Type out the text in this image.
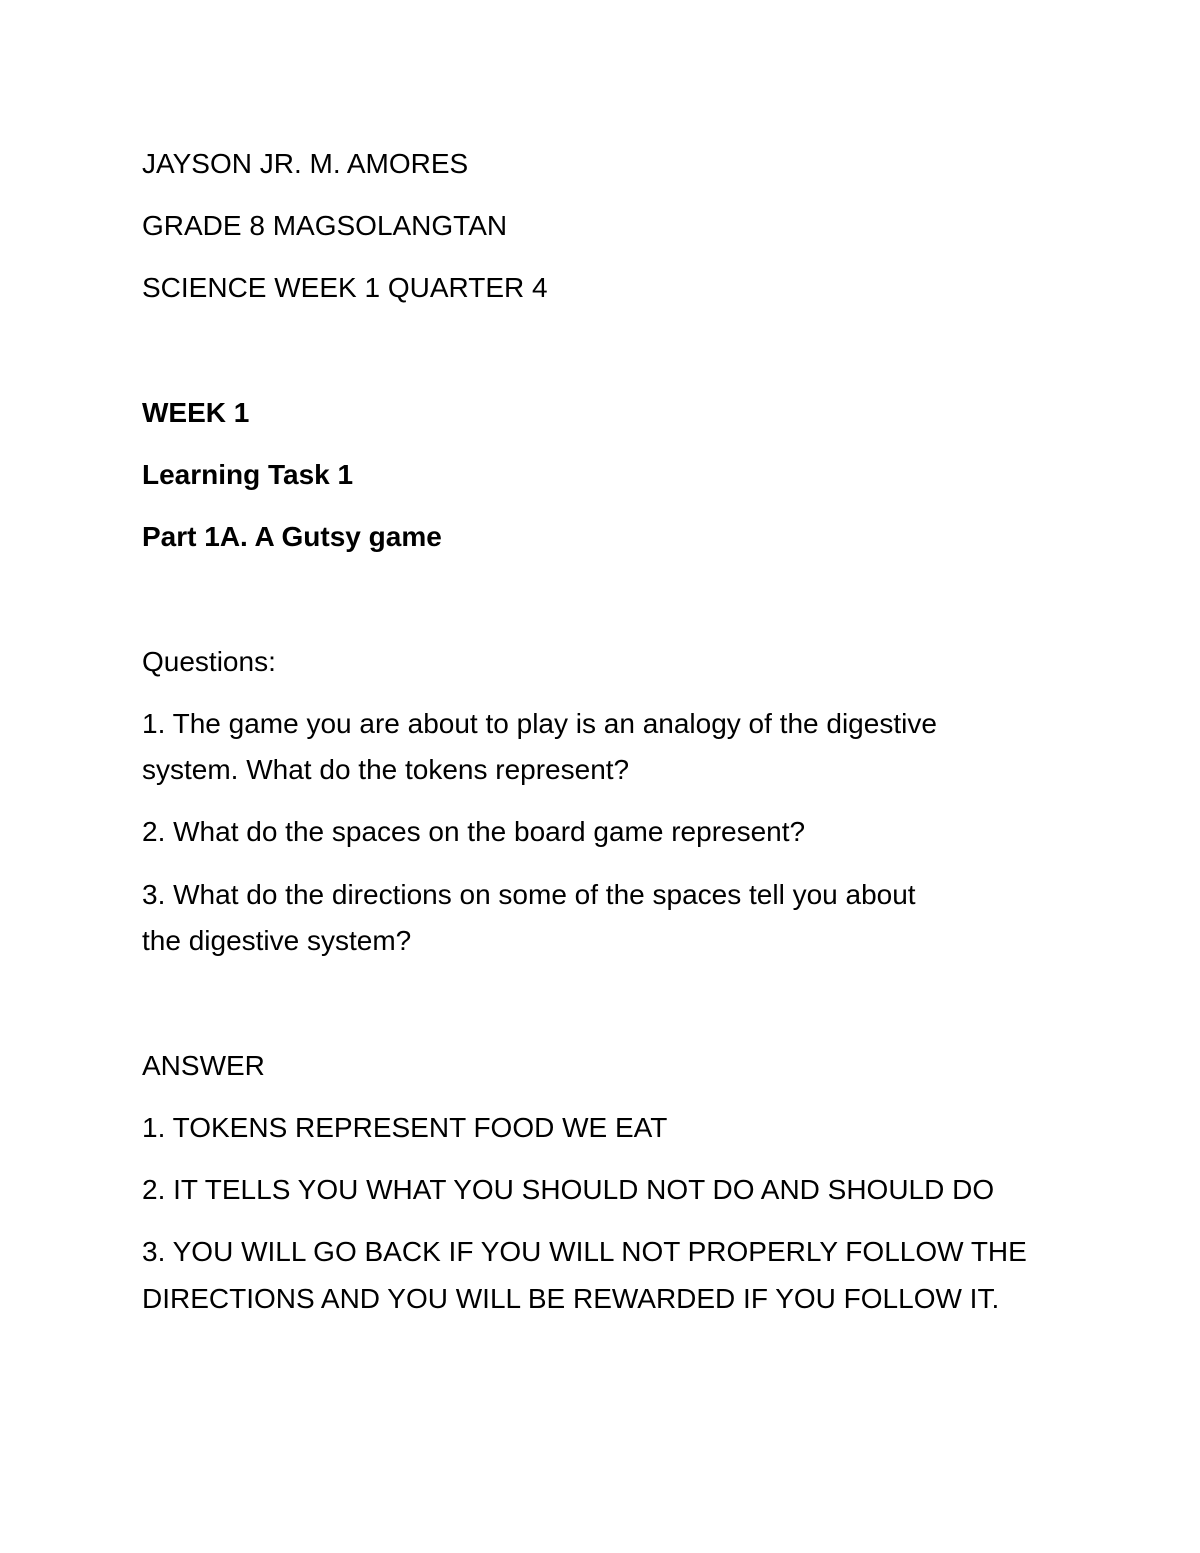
JAYSON JR. M. AMORES
GRADE 8 MAGSOLANGTAN
SCIENCE WEEK 1 QUARTER 4
WEEK 1
Learning Task 1
Part 1A. A Gutsy game
Questions:
1. The game you are about to play is an analogy of the digestive
system. What do the tokens represent?
2. What do the spaces on the board game represent?
3. What do the directions on some of the spaces tell you about
the digestive system?
ANSWER
1. TOKENS REPRESENT FOOD WE EAT
2. IT TELLS YOU WHAT YOU SHOULD NOT DO AND SHOULD DO
3. YOU WILL GO BACK IF YOU WILL NOT PROPERLY FOLLOW THE
DIRECTIONS AND YOU WILL BE REWARDED IF YOU FOLLOW IT.
